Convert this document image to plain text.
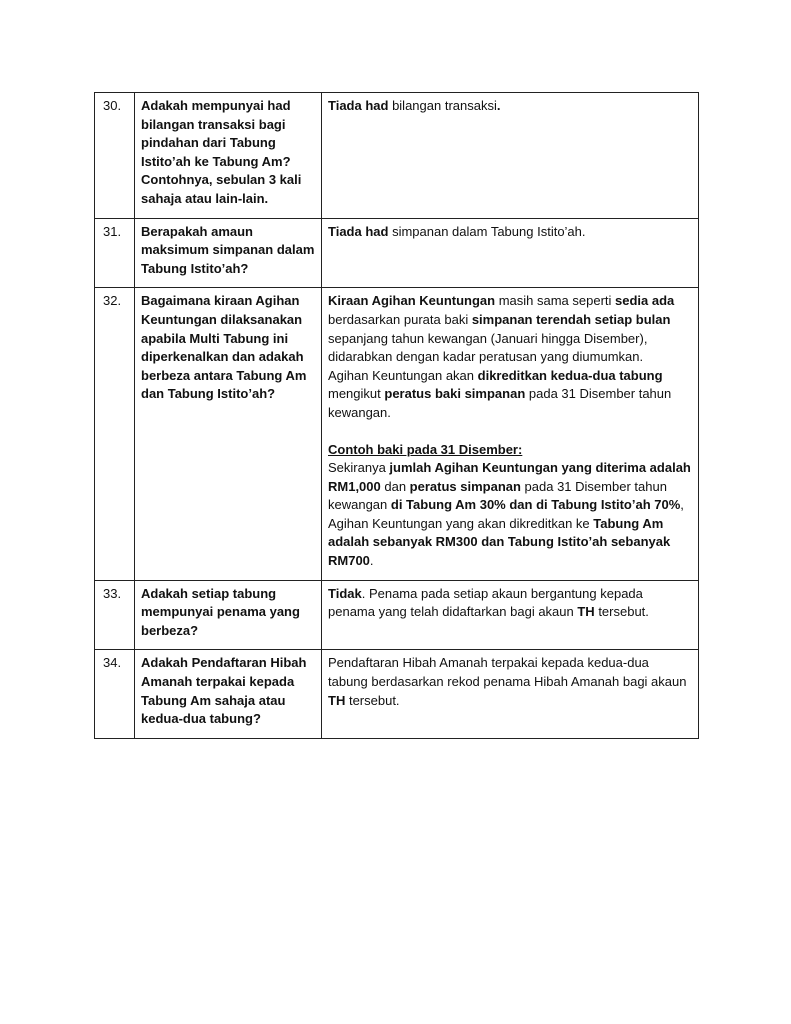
30.	Adakah mempunyai had bilangan transaksi bagi pindahan dari Tabung Istito’ah ke Tabung Am? Contohnya, sebulan 3 kali sahaja atau lain-lain.	Tiada had bilangan transaksi.
31.	Berapakah amaun maksimum simpanan dalam Tabung Istito’ah?	Tiada had simpanan dalam Tabung Istito’ah.
32.	Bagaimana kiraan Agihan Keuntungan dilaksanakan apabila Multi Tabung ini diperkenalkan dan adakah berbeza antara Tabung Am dan Tabung Istito’ah?	Kiraan Agihan Keuntungan masih sama seperti sedia ada berdasarkan purata baki simpanan terendah setiap bulan sepanjang tahun kewangan (Januari hingga Disember), didarabkan dengan kadar peratusan yang diumumkan.
Agihan Keuntungan akan dikreditkan kedua-dua tabung mengikut peratus baki simpanan pada 31 Disember tahun kewangan.
Contoh baki pada 31 Disember:
Sekiranya jumlah Agihan Keuntungan yang diterima adalah RM1,000 dan peratus simpanan pada 31 Disember tahun kewangan di Tabung Am 30% dan di Tabung Istito’ah 70%, Agihan Keuntungan yang akan dikreditkan ke Tabung Am adalah sebanyak RM300 dan Tabung Istito’ah sebanyak RM700.

33.	Adakah setiap tabung mempunyai penama yang berbeza?	Tidak. Penama pada setiap akaun bergantung kepada penama yang telah didaftarkan bagi akaun TH tersebut.
34.	Adakah Pendaftaran Hibah Amanah terpakai kepada Tabung Am sahaja atau kedua-dua tabung?	Pendaftaran Hibah Amanah terpakai kepada kedua-dua tabung berdasarkan rekod penama Hibah Amanah bagi akaun TH tersebut.
